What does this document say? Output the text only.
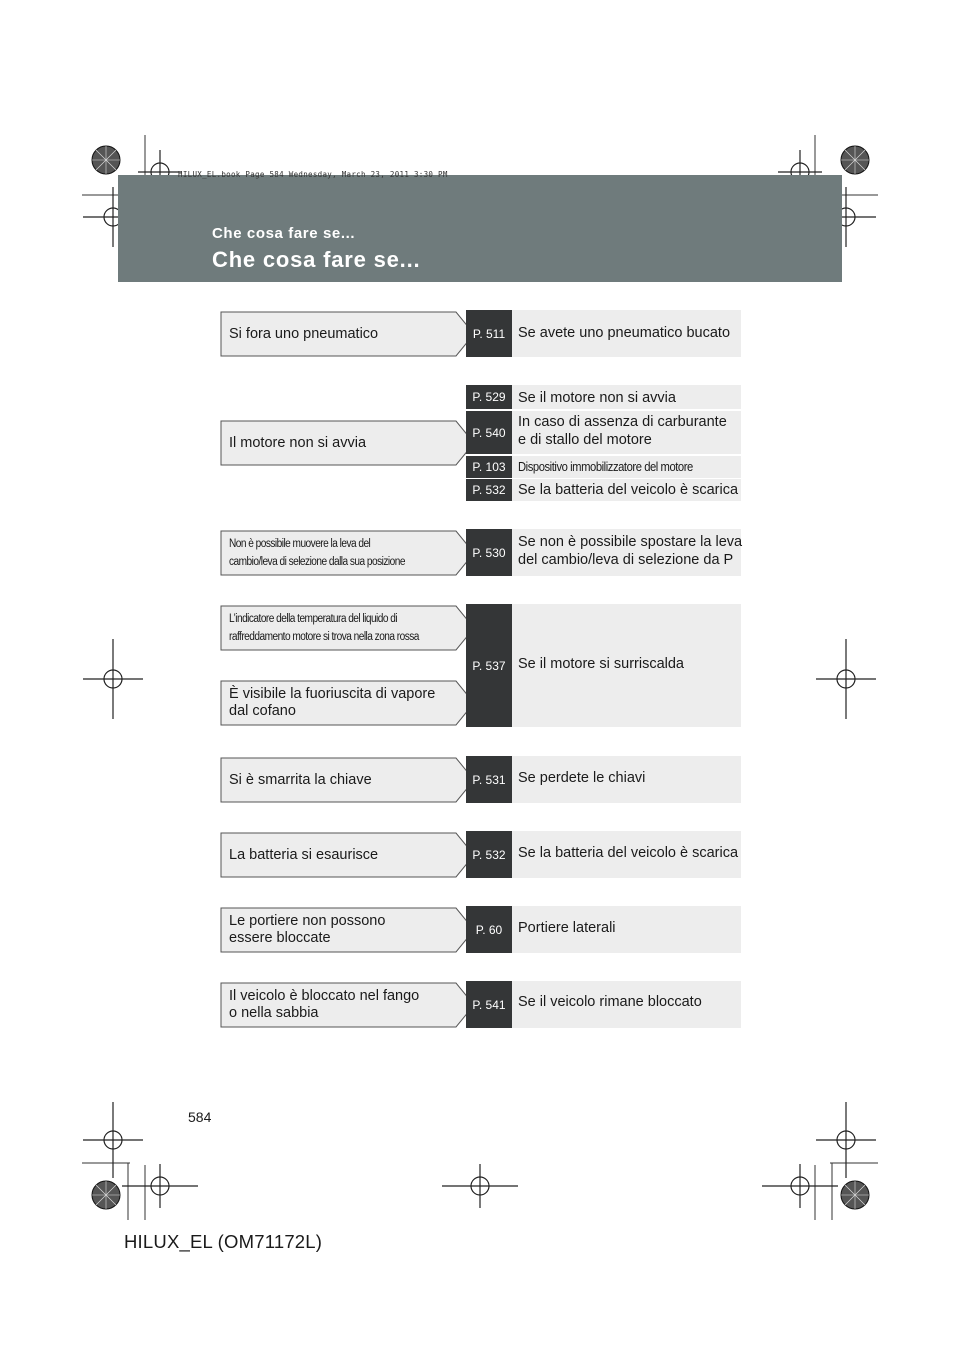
Che cosa fare se...
Che cosa fare se...
HILUX_EL.book Page 584 Wednesday, March 23, 2011 3:30 PM
Si fora uno pneumatico	P. 511 Se avete uno pneumatico bucato
Il motore non si avvia
P. 529 Se il motore non si avvia
P. 540
In caso di assenza di carburante
e di stallo del motore
P. 103 Dispositivo immobilizzatore del motore
P. 532 Se la batteria del veicolo è scarica
Non è possibile muovere la leva del
cambio/leva di selezione dalla sua posizione
P. 530
Se non è possibile spostare la leva
del cambio/leva di selezione da P
L’indicatore della temperatura del liquido di
raffreddamento motore si trova nella zona rossa
È visibile la fuoriuscita di vapore
dal cofano
P. 537 Se il motore si surriscalda
Si è smarrita la chiave	P. 531 Se perdete le chiavi
La batteria si esaurisce	P. 532 Se la batteria del veicolo è scarica
Le portiere non possono
essere bloccate
P. 60	Portiere laterali
Il veicolo è bloccato nel fango
o nella sabbia
P. 541 Se il veicolo rimane bloccato
584
HILUX_EL (OM71172L)
